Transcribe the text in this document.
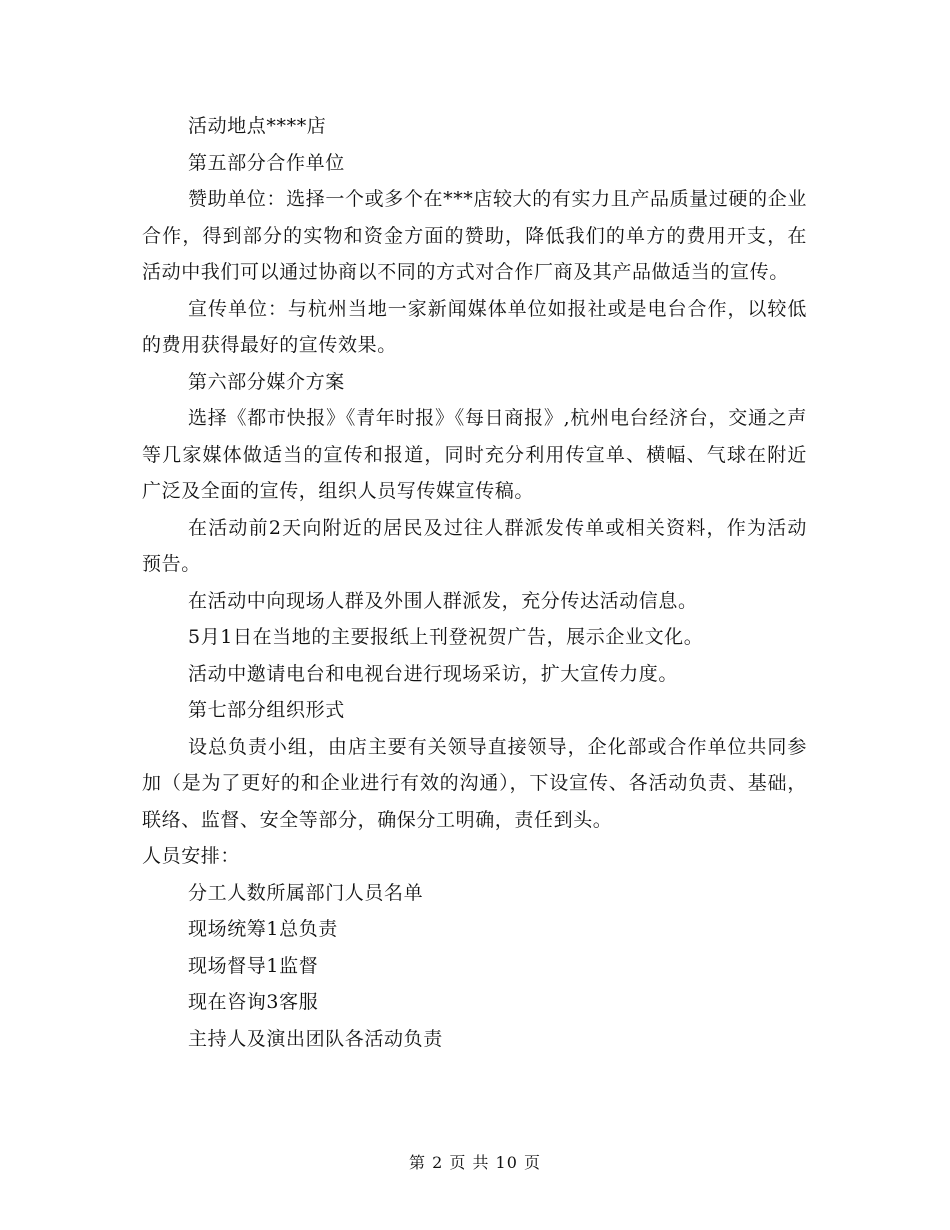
活动地点****店

第五部分合作单位

赞助单位：选择一个或多个在***店较大的有实力且产品质量过硬的企业合作，得到部分的实物和资金方面的赞助，降低我们的单方的费用开支，在活动中我们可以通过协商以不同的方式对合作厂商及其产品做适当的宣传。

宣传单位：与杭州当地一家新闻媒体单位如报社或是电台合作，以较低的费用获得最好的宣传效果。

第六部分媒介方案

选择《都市快报》《青年时报》《每日商报》,杭州电台经济台，交通之声等几家媒体做适当的宣传和报道，同时充分利用传宣单、横幅、气球在附近广泛及全面的宣传，组织人员写传媒宣传稿。

在活动前2天向附近的居民及过往人群派发传单或相关资料，作为活动预告。

在活动中向现场人群及外围人群派发，充分传达活动信息。

5月1日在当地的主要报纸上刊登祝贺广告，展示企业文化。

活动中邀请电台和电视台进行现场采访，扩大宣传力度。

第七部分组织形式

设总负责小组，由店主要有关领导直接领导，企化部或合作单位共同参加（是为了更好的和企业进行有效的沟通），下设宣传、各活动负责、基础，联络、监督、安全等部分，确保分工明确，责任到头。

人员安排：

分工人数所属部门人员名单

现场统筹1总负责

现场督导1监督

现在咨询3客服

主持人及演出团队各活动负责

第 2 页 共 10 页
